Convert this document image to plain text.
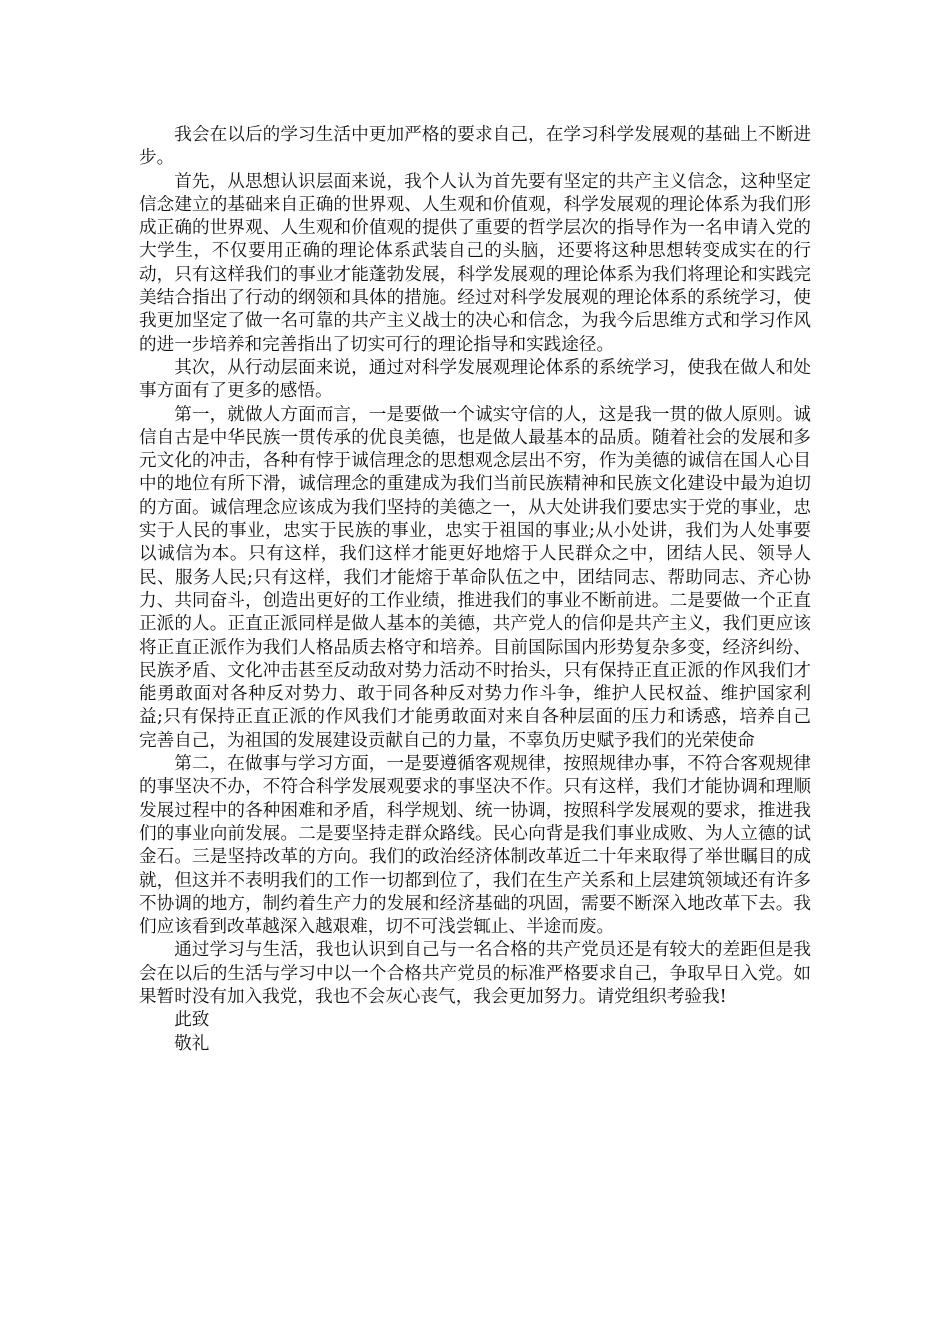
我会在以后的学习生活中更加严格的要求自己，在学习科学发展观的基础上不断进步。

首先，从思想认识层面来说，我个人认为首先要有坚定的共产主义信念，这种坚定信念建立的基础来自正确的世界观、人生观和价值观，科学发展观的理论体系为我们形成正确的世界观、人生观和价值观的提供了重要的哲学层次的指导作为一名申请入党的大学生，不仅要用正确的理论体系武装自己的头脑，还要将这种思想转变成实在的行动，只有这样我们的事业才能蓬勃发展，科学发展观的理论体系为我们将理论和实践完美结合指出了行动的纲领和具体的措施。经过对科学发展观的理论体系的系统学习，使我更加坚定了做一名可靠的共产主义战士的决心和信念，为我今后思维方式和学习作风的进一步培养和完善指出了切实可行的理论指导和实践途径。

其次，从行动层面来说，通过对科学发展观理论体系的系统学习，使我在做人和处事方面有了更多的感悟。

第一，就做人方面而言，一是要做一个诚实守信的人，这是我一贯的做人原则。诚信自古是中华民族一贯传承的优良美德，也是做人最基本的品质。随着社会的发展和多元文化的冲击，各种有悖于诚信理念的思想观念层出不穷，作为美德的诚信在国人心目中的地位有所下滑，诚信理念的重建成为我们当前民族精神和民族文化建设中最为迫切的方面。诚信理念应该成为我们坚持的美德之一，从大处讲我们要忠实于党的事业，忠实于人民的事业，忠实于民族的事业，忠实于祖国的事业;从小处讲，我们为人处事要以诚信为本。只有这样，我们这样才能更好地熔于人民群众之中，团结人民、领导人民、服务人民;只有这样，我们才能熔于革命队伍之中，团结同志、帮助同志、齐心协力、共同奋斗，创造出更好的工作业绩，推进我们的事业不断前进。二是要做一个正直正派的人。正直正派同样是做人基本的美德，共产党人的信仰是共产主义，我们更应该将正直正派作为我们人格品质去格守和培养。目前国际国内形势复杂多变，经济纠纷、民族矛盾、文化冲击甚至反动敌对势力活动不时抬头，只有保持正直正派的作风我们才能勇敢面对各种反对势力、敢于同各种反对势力作斗争，维护人民权益、维护国家利益;只有保持正直正派的作风我们才能勇敢面对来自各种层面的压力和诱惑，培养自己完善自己，为祖国的发展建设贡献自己的力量，不辜负历史赋予我们的光荣使命

第二，在做事与学习方面，一是要遵循客观规律，按照规律办事，不符合客观规律的事坚决不办，不符合科学发展观要求的事坚决不作。只有这样，我们才能协调和理顺发展过程中的各种困难和矛盾，科学规划、统一协调，按照科学发展观的要求，推进我们的事业向前发展。二是要坚持走群众路线。民心向背是我们事业成败、为人立德的试金石。三是坚持改革的方向。我们的政治经济体制改革近二十年来取得了举世瞩目的成就，但这并不表明我们的工作一切都到位了，我们在生产关系和上层建筑领域还有许多不协调的地方，制约着生产力的发展和经济基础的巩固，需要不断深入地改革下去。我们应该看到改革越深入越艰难，切不可浅尝辄止、半途而废。

通过学习与生活，我也认识到自己与一名合格的共产党员还是有较大的差距但是我会在以后的生活与学习中以一个合格共产党员的标准严格要求自己，争取早日入党。如果暂时没有加入我党，我也不会灰心丧气，我会更加努力。请党组织考验我!

此致

敬礼
